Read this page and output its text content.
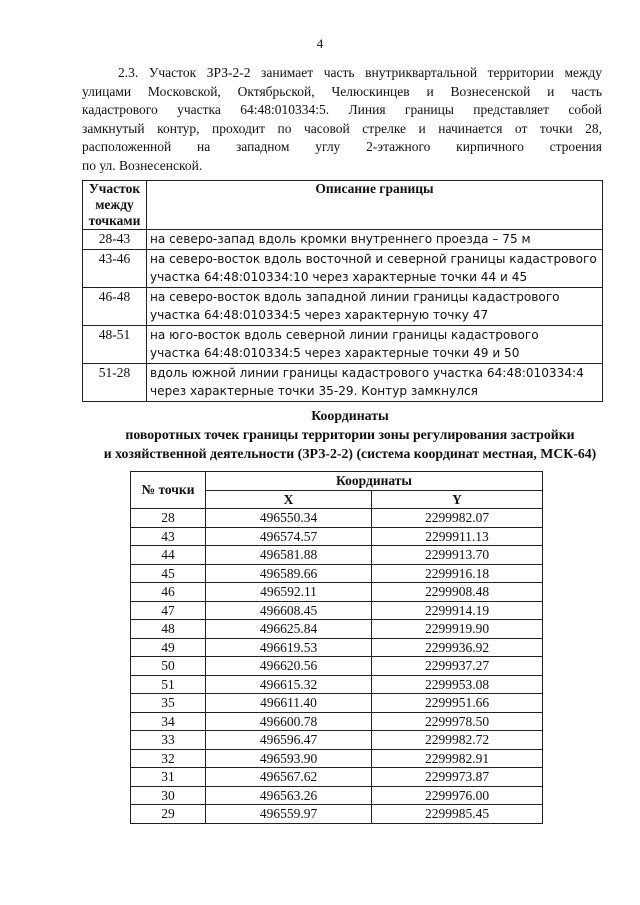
4
2.3. Участок ЗРЗ-2-2 занимает часть внутриквартальной территории между
улицами Московской, Октябрьской, Челюскинцев и Вознесенской и часть
кадастрового участка 64:48:010334:5. Линия границы представляет собой
замкнутый контур, проходит по часовой стрелке и начинается от точки 28,
расположенной на западном углу 2-этажного кирпичного строения
по ул. Вознесенской.
Участок
между
точками	Описание границы
28-43	на северо-запад вдоль кромки внутреннего проезда – 75 м

43-46	на северо-восток вдоль восточной и северной границы кадастрового
участка 64:48:010334:10 через характерные точки 44 и 45

46-48	на северо-восток вдоль западной линии границы кадастрового
участка 64:48:010334:5 через характерную точку 47

48-51	на юго-восток вдоль северной линии границы кадастрового
участка 64:48:010334:5 через характерные точки 49 и 50

51-28	вдоль южной линии границы кадастрового участка 64:48:010334:4
через характерные точки 35-29. Контур замкнулся
Координаты
поворотных точек границы территории зоны регулирования застройки
и хозяйственной деятельности (ЗРЗ-2-2) (система координат местная, МСК-64)
№ точки	Координаты	
	X	Y
28	496550.34	2299982.07
43	496574.57	2299911.13
44	496581.88	2299913.70
45	496589.66	2299916.18
46	496592.11	2299908.48
47	496608.45	2299914.19
48	496625.84	2299919.90
49	496619.53	2299936.92
50	496620.56	2299937.27
51	496615.32	2299953.08
35	496611.40	2299951.66
34	496600.78	2299978.50
33	496596.47	2299982.72
32	496593.90	2299982.91
31	496567.62	2299973.87
30	496563.26	2299976.00
29	496559.97	2299985.45
